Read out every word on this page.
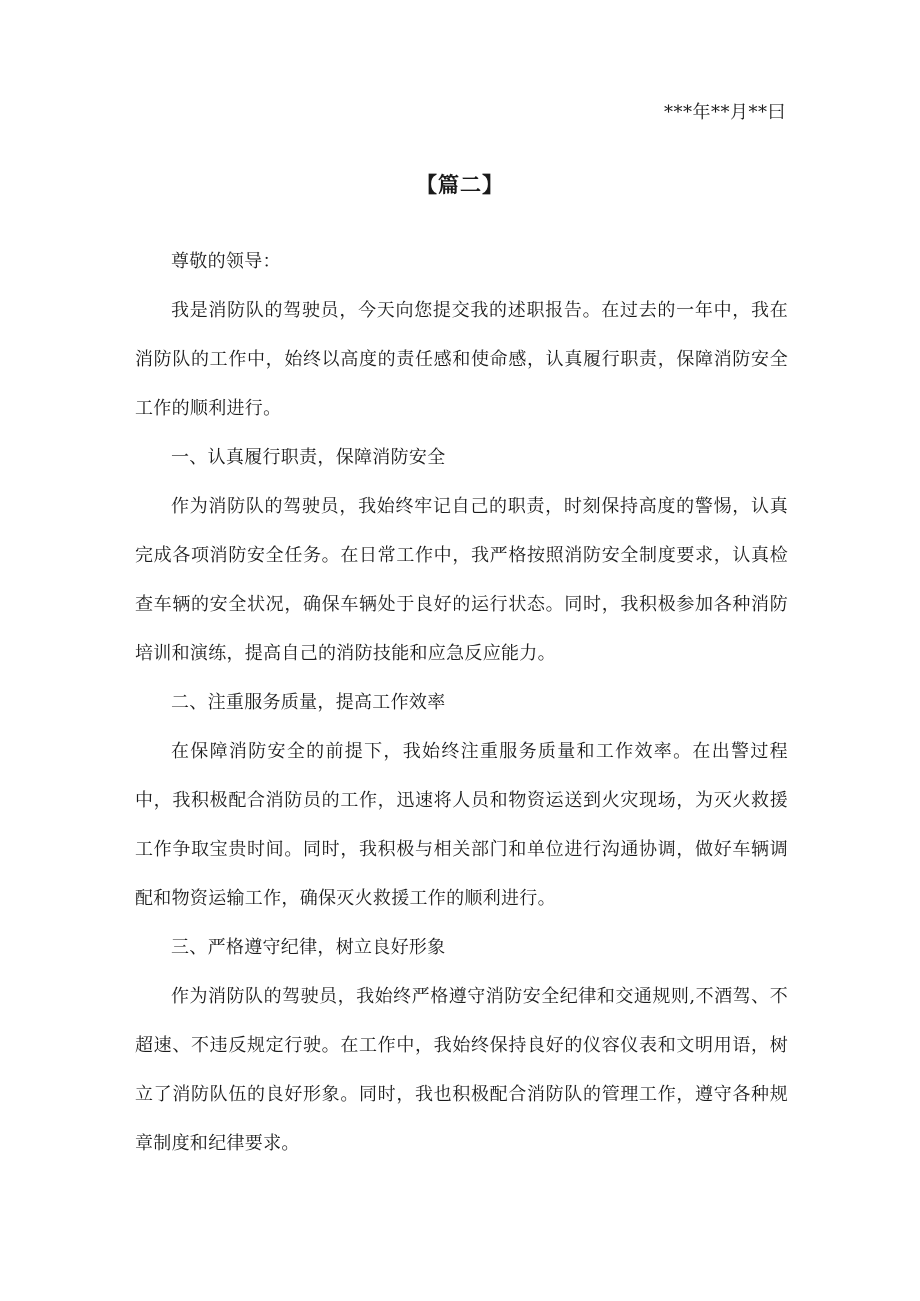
***年**月**曰
【篇二】

尊敬的领导：

我是消防队的驾驶员，今天向您提交我的述职报告。在过去的一年中，我在消防队的工作中，始终以高度的责任感和使命感，认真履行职责，保障消防安全工作的顺利进行。

一、认真履行职责，保障消防安全

作为消防队的驾驶员，我始终牢记自己的职责，时刻保持高度的警惕，认真完成各项消防安全任务。在日常工作中，我严格按照消防安全制度要求，认真检查车辆的安全状况，确保车辆处于良好的运行状态。同时，我积极参加各种消防培训和演练，提高自己的消防技能和应急反应能力。

二、注重服务质量，提高工作效率

在保障消防安全的前提下，我始终注重服务质量和工作效率。在出警过程中，我积极配合消防员的工作，迅速将人员和物资运送到火灾现场，为灭火救援工作争取宝贵时间。同时，我积极与相关部门和单位进行沟通协调，做好车辆调配和物资运输工作，确保灭火救援工作的顺利进行。

三、严格遵守纪律，树立良好形象

作为消防队的驾驶员，我始终严格遵守消防安全纪律和交通规则,不酒驾、不超速、不违反规定行驶。在工作中，我始终保持良好的仪容仪表和文明用语，树立了消防队伍的良好形象。同时，我也积极配合消防队的管理工作，遵守各种规章制度和纪律要求。
